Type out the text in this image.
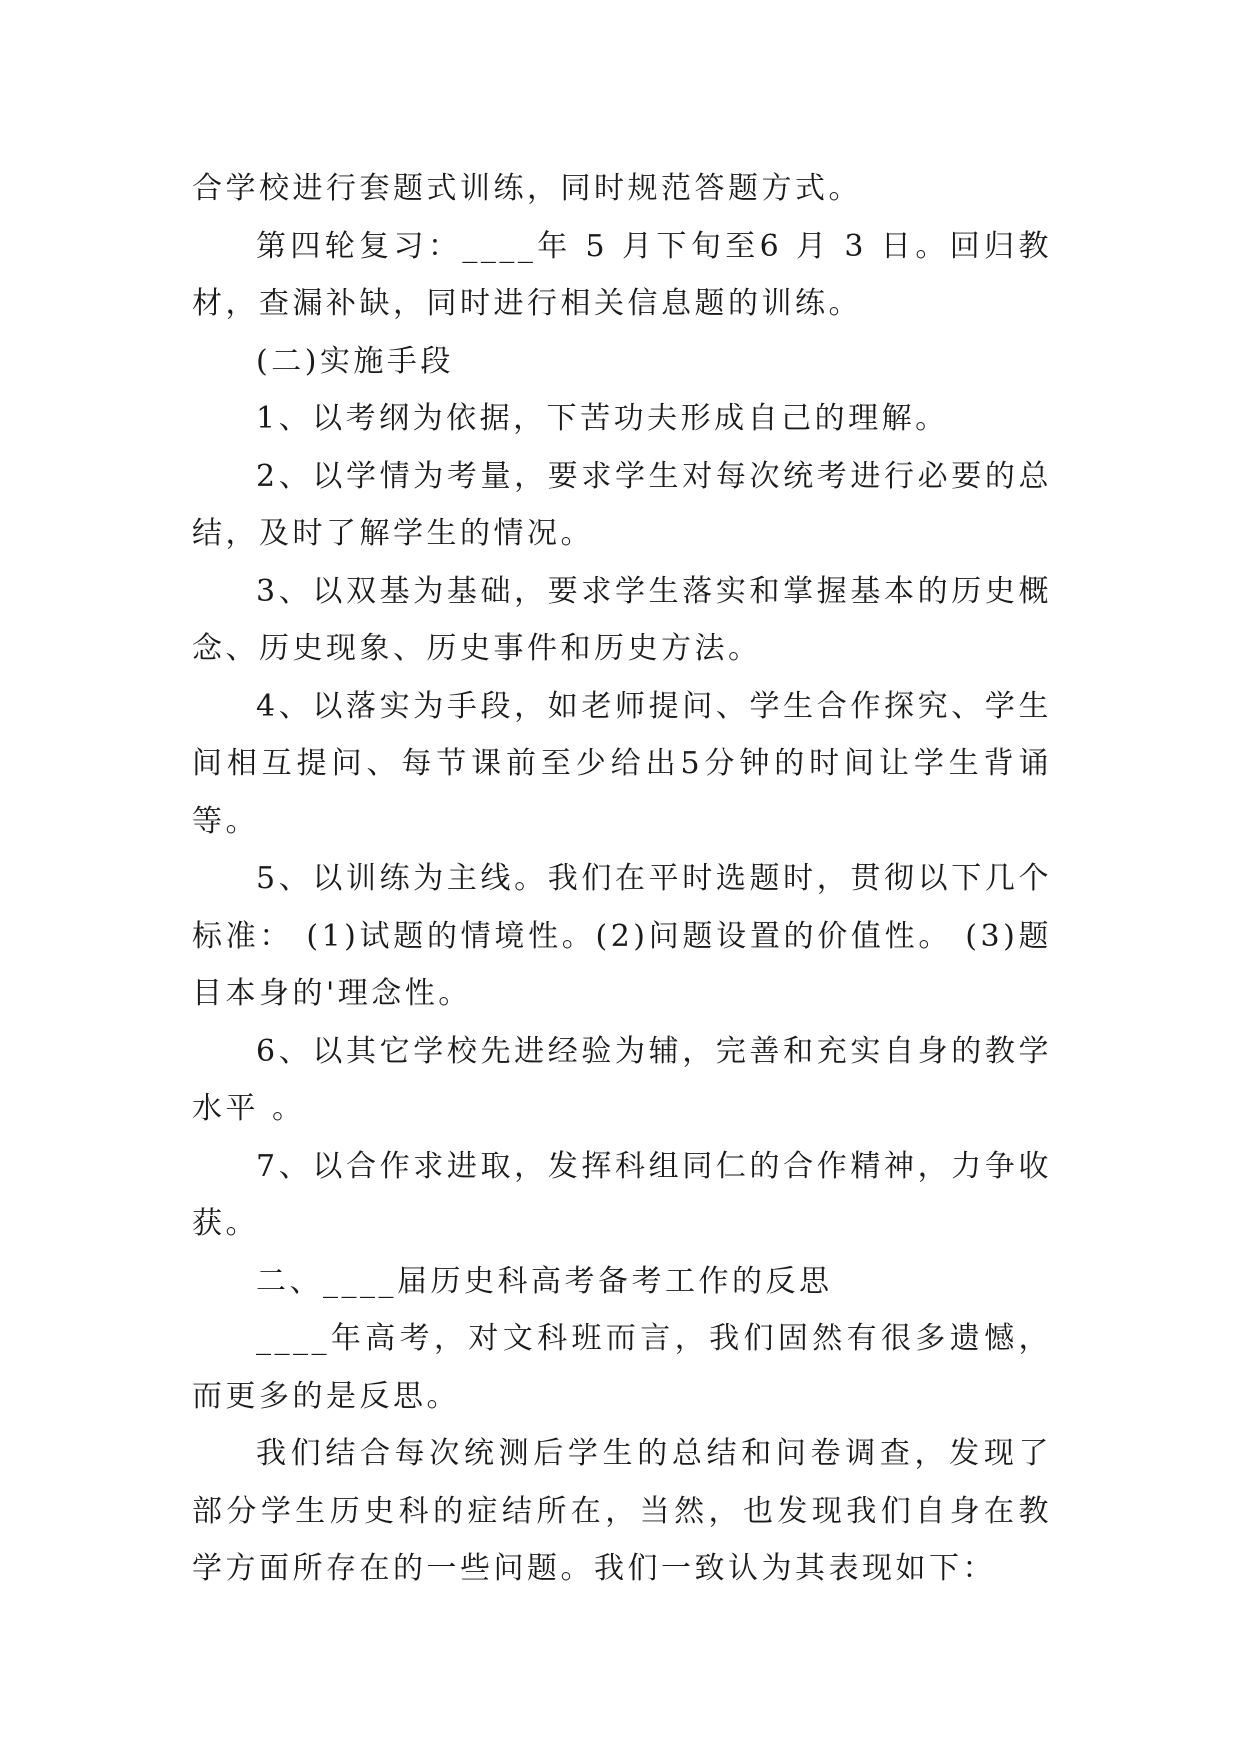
合学校进行套题式训练，同时规范答题方式。

第四轮复习：____年 5 月下旬至6 月 3 日。回归教材，查漏补缺，同时进行相关信息题的训练。

(二)实施手段

1、以考纲为依据，下苦功夫形成自己的理解。

2、以学情为考量，要求学生对每次统考进行必要的总结，及时了解学生的情况。

3、以双基为基础，要求学生落实和掌握基本的历史概念、历史现象、历史事件和历史方法。

4、以落实为手段，如老师提问、学生合作探究、学生间相互提问、每节课前至少给出5分钟的时间让学生背诵等。

5、以训练为主线。我们在平时选题时，贯彻以下几个标准： (1)试题的情境性。(2)问题设置的价值性。 (3)题目本身的'理念性。

6、以其它学校先进经验为辅，完善和充实自身的教学水平 。

7、以合作求进取，发挥科组同仁的合作精神，力争收获。

二、____届历史科高考备考工作的反思

____年高考，对文科班而言，我们固然有很多遗憾，而更多的是反思。

我们结合每次统测后学生的总结和问卷调查，发现了部分学生历史科的症结所在，当然，也发现我们自身在教学方面所存在的一些问题。我们一致认为其表现如下：
